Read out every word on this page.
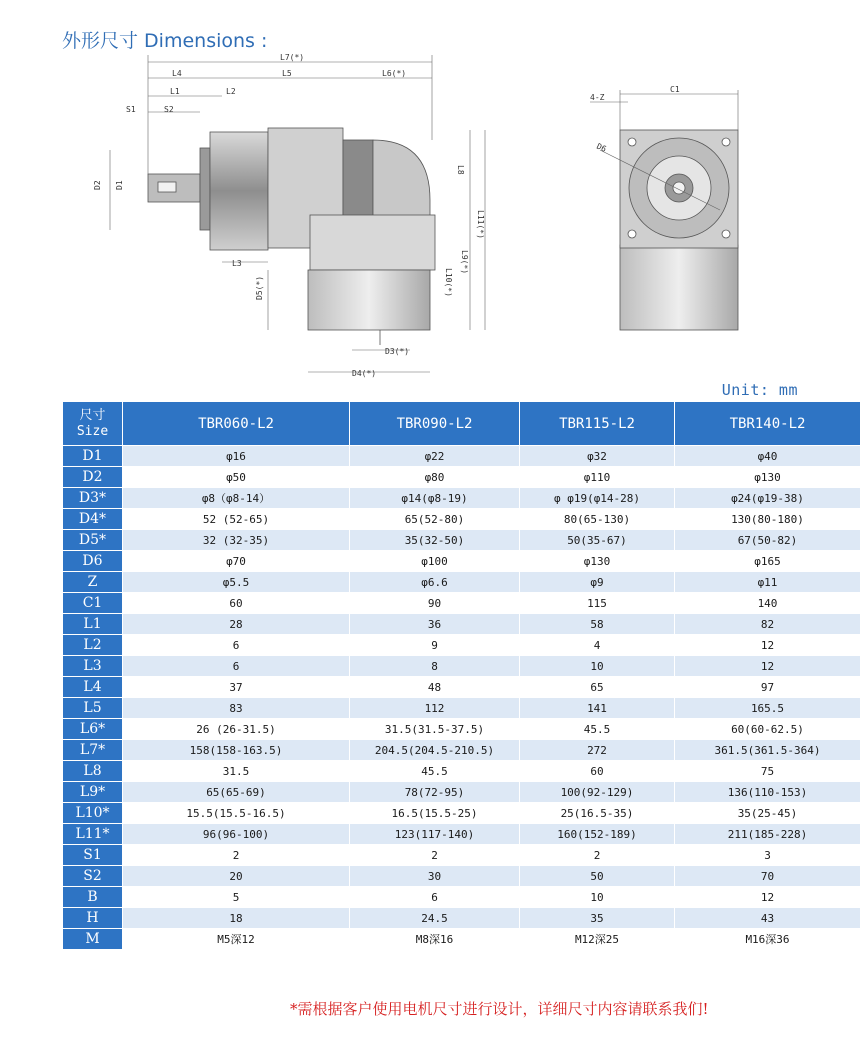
外形尺寸 Dimensions :
L7(*)
L4	L5	L6(*)
L1	L2
S1	S2
L8
D2 D1
L3
L11(*)
L10(*)
L9(*)
D5(*)
D3(*)
D4(*)
4-Z
C1
D6
Unit: mm
尺寸
Size	TBR060-L2	TBR090-L2	TBR115-L2	TBR140-L2
D1	φ16	φ22	φ32	φ40
D2	φ50	φ80	φ110	φ130
D3*	φ8（φ8-14）	φ14(φ8-19)	φ φ19(φ14-28)	φ24(φ19-38)
D4*	52 (52-65)	65(52-80)	80(65-130)	130(80-180)
D5*	32 (32-35)	35(32-50)	50(35-67)	67(50-82)
D6	φ70	φ100	φ130	φ165
Z	φ5.5	φ6.6	φ9	φ11
C1	60	90	115	140
L1	28	36	58	82
L2	6	9	4	12
L3	6	8	10	12
L4	37	48	65	97
L5	83	112	141	165.5
L6*	26 (26-31.5)	31.5(31.5-37.5)	45.5	60(60-62.5)
L7*	158(158-163.5)	204.5(204.5-210.5)	272	361.5(361.5-364)
L8	31.5	45.5	60	75
L9*	65(65-69)	78(72-95)	100(92-129)	136(110-153)
L10*	15.5(15.5-16.5)	16.5(15.5-25)	25(16.5-35)	35(25-45)
L11*	96(96-100)	123(117-140)	160(152-189)	211(185-228)
S1	2	2	2	3
S2	20	30	50	70
B	5	6	10	12
H	18	24.5	35	43
M	M5深12	M8深16	M12深25	M16深36
*需根据客户使用电机尺寸进行设计，详细尺寸内容请联系我们!
